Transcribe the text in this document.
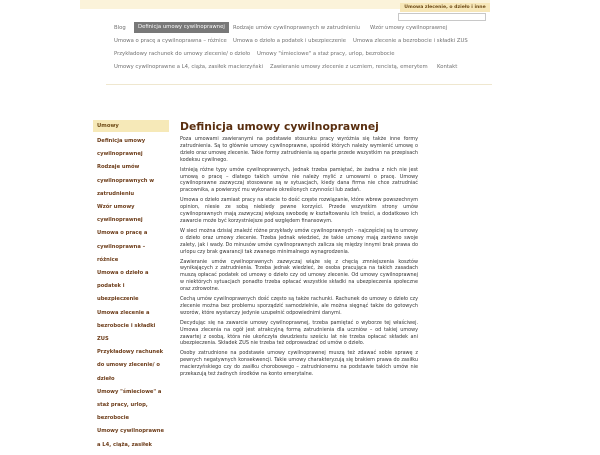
Umowa zlecenie, o dzieło i inne
Blog	Definicja umowy cywilnoprawnej	Rodzaje umów cywilnoprawnych w zatrudnieniu Wzór umowy cywilnoprawnej
Umowa o pracę a cywilnoprawna – różnice Umowa o dzieło a podatek i ubezpieczenie Umowa zlecenie a bezrobocie i składki ZUS
Przykładowy rachunek do umowy zlecenie/ o dzieło Umowy "śmieciowe" a staż pracy, urlop, bezrobocie
Umowy cywilnoprawne a L4, ciąża, zasiłek macierzyński Zawieranie umowy zlecenie z uczniem, rencistą, emerytem Kontakt
Umowy
Definicja umowy
cywilnoprawnej
Rodzaje umów
cywilnoprawnych w
zatrudnieniu
Wzór umowy
cywilnoprawnej
Umowa o pracę a
cywilnoprawna –
różnice
Umowa o dzieło a
podatek i
ubezpieczenie
Umowa zlecenie a
bezrobocie i składki
ZUS
Przykładowy rachunek
do umowy zlecenie/ o
dzieło
Umowy "śmieciowe" a
staż pracy, urlop,
bezrobocie
Umowy cywilnoprawne
a L4, ciąża, zasiłek
Definicja umowy cywilnoprawnej

Poza umowami zawieranymi na podstawie stosunku pracy wyróżnia się także inne formy zatrudnienia. Są to głównie umowy cywilnoprawne, spośród których należy wymienić umowę o dzieło oraz umowę zlecenie. Takie formy zatrudnienia są oparte przede wszystkim na przepisach kodeksu cywilnego.

Istnieją różne typy umów cywilnoprawnych, jednak trzeba pamiętać, że żadna z nich nie jest umową o pracę – dlatego takich umów nie należy mylić z umowami o pracę. Umowy cywilnoprawne zazwyczaj stosowane są w sytuacjach, kiedy dana firma nie chce zatrudniać pracownika, a powierzyć mu wykonanie określonych czynności lub zadań.

Umowa o dzieło zamiast pracy na etacie to dość częste rozwiązanie, które wbrew powszechnym opinion, niesie ze sobą niebiedy pewne korzyści. Przede wszystkim strony umów cywilnoprawnych mają zazwyczaj większą swobodę w kształtowaniu ich treści, a dodatkowo ich zawarcie może być korzystniejsze pod względem finansowym.

W sieci można dzisiaj znaleźć różne przykłady umów cywilnoprawnych - najczęściej są to umowy o dzieło oraz umowy zlecenie. Trzeba jednak wiedzieć, że takie umowy mają zarówno swoje zalety, jak i wady. Do minusów umów cywilnoprawnych zalicza się między innymi brak prawa do urlopu czy brak gwarancji tak zwanego minimalnego wynagrodzenia.

Zawieranie umów cywilnoprawnych zazwyczaj wiąże się z chęcią zmniejszenia kosztów wynikających z zatrudnienia. Trzeba jednak wiedzieć, że osoba pracująca na takich zasadach muszą opłacać podatek od umowy o dzieło czy od umowy zlecenie. Od umowy cywilnoprawnej w niektórych sytuacjach ponadto trzeba opłacać wszystkie składki na ubezpieczenia społeczne oraz zdrowotne.

Cechą umów cywilnoprawnych dość często są także rachunki. Rachunek do umowy o dzieło czy zlecenie można bez problemu sporządzić samodzielnie, ale można sięgnąć także do gotowych wzorów, które wystarczy jedynie uzupełnić odpowiednimi danymi.

Decydując się na zawarcie umowy cywilnoprawnej, trzeba pamiętać o wyborze tej właściwej. Umowa zlecenia na ogół jest atrakcyjną formą zatrudnienia dla uczniów – od takiej umowy zawartej z osobą, która nie ukończyła dwudziestu sześciu lat nie trzeba opłacać składek ani ubezpieczenia. Składek ZUS nie trzeba też odprowadzać od umów o dzieło.

Osoby zatrudnione na podstawie umowy cywilnoprawnej muszą też zdawać sobie sprawę z pewnych negatywnych konsekwencji. Takie umowy charakteryzują się brakiem prawa do zasiłku macierzyńskiego czy do zasiłku chorobowego – zatrudnionemu na podstawie takich umów nie przekazują też żadnych środków na konto emerytalne.
